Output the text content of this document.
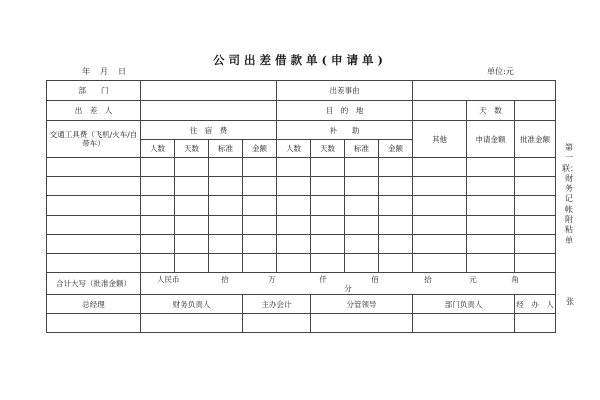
公司出差借款单(申请单)
年　月　日	单位:元
部　　门					出差事由						
出　差　人					目　的　地					天　数	
交通工具费（飞机/火车/自带车）	住　宿　费				补　　助				其他	申请金额	批准金额
	人数	天数	标准	金额	人数	天数	标准	金额			

合计大写（批准金额）	人民币 拾 万 仟 佰 拾 元 角分										
总经理	财务负责人			主办会计		分管领导			部门负责人		经　办　人

第一联：财务记帐附粘单
张
